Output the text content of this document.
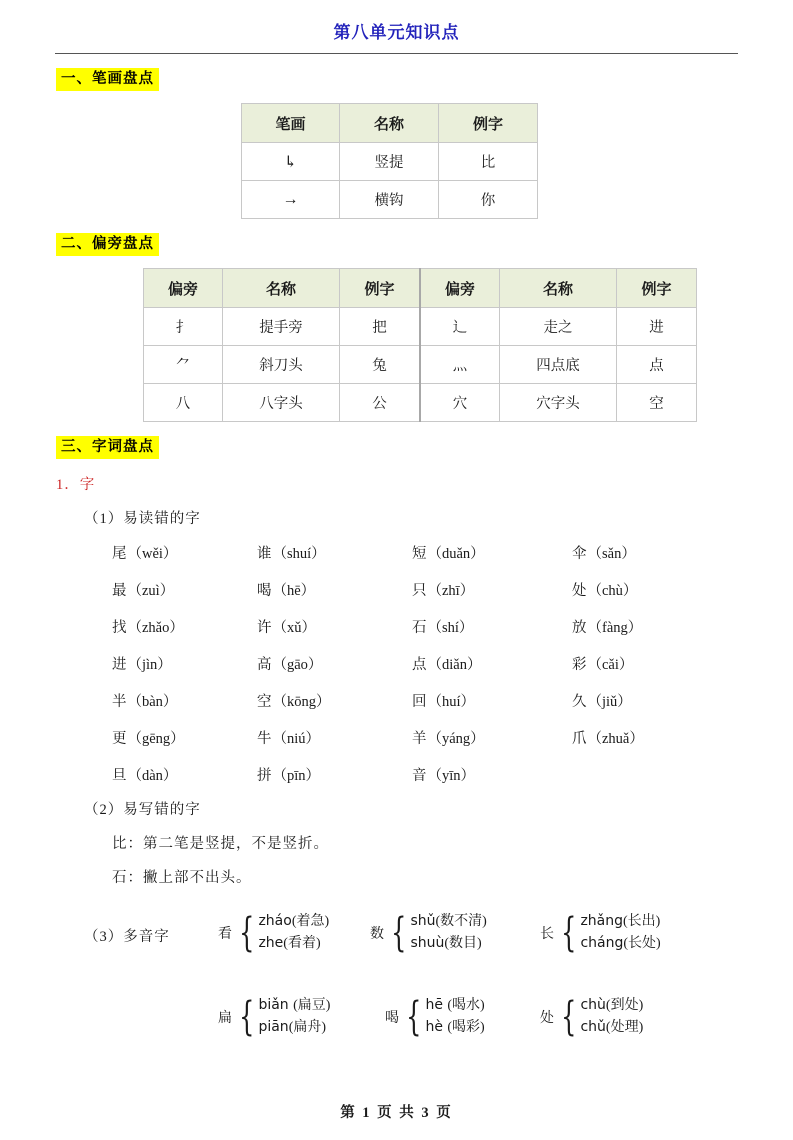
第八单元知识点
一、笔画盘点
笔画	名称	例字
↳	竖提	比
→	横钩	你
二、偏旁盘点
偏旁	名称	例字	偏旁	名称	例字
扌	提手旁	把	辶	走之	进
⺈	斜刀头	兔	灬	四点底	点
八	八字头	公	穴	穴字头	空
三、字词盘点
1．字
（1）易读错的字
尾（wěi）	谁（shuí）	短（duǎn）	伞（sǎn）
最（zuì）	喝（hē）	只（zhī）	处（chù）
找（zhǎo）	许（xǔ）	石（shí）	放（fàng）
进（jìn）	高（gāo）	点（diǎn）	彩（cǎi）
半（bàn）	空（kōng）	回（huí）	久（jiǔ）
更（gēng）	牛（niú）	羊（yáng）	爪（zhuǎ）
旦（dàn）	拼（pīn）	音（yīn）
（2）易写错的字
比：第二笔是竖提，不是竖折。
石：撇上部不出头。
（3）多音字	看 { zháo(着急)
zhe(看着)
数 { shǔ(数不清)
shuù(数目)
长 { zhǎng(长出)
cháng(长处)
扁 { biǎn (扁豆)
piān(扁舟)
喝 { hē (喝水)
hè (喝彩)
处 { chù(到处)
chǔ(处理)
第 1 页 共 3 页
